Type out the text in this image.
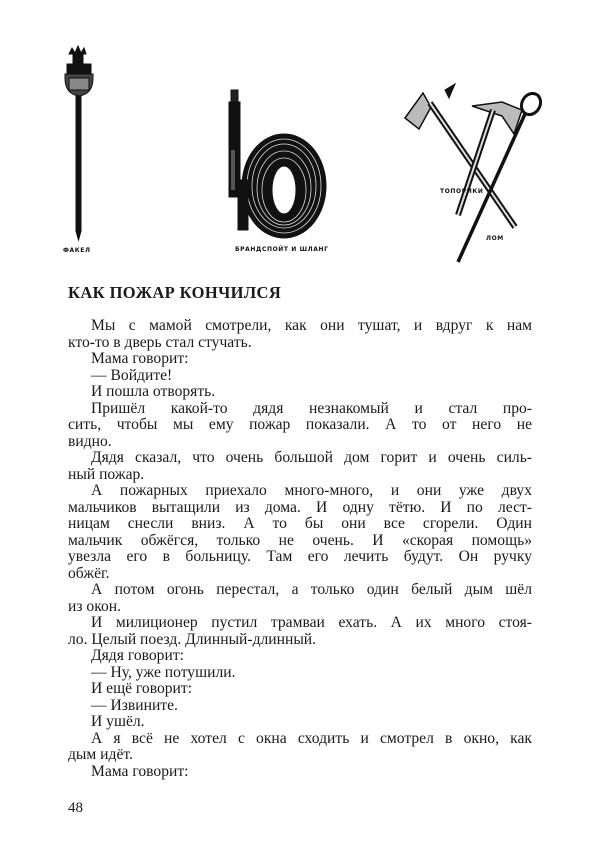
ФАКЕЛ	БРАНДСПОЙТ И ШЛАНГ
ТОПОРИКИ
ЛОМ
КАК ПОЖАР КОНЧИЛСЯ
Мы с мамой смотрели, как они тушат, и вдруг к нам
кто-то в дверь стал стучать.
Мама говорит:
— Войдите!
И пошла отворять.
Пришёл какой-то дядя незнакомый и стал про-
сить, чтобы мы ему пожар показали. А то от него не
видно.
Дядя сказал, что очень большой дом горит и очень силь-
ный пожар.
А пожарных приехало много-много, и они уже двух
мальчиков вытащили из дома. И одну тётю. И по лест-
ницам снесли вниз. А то бы они все сгорели. Один
мальчик обжёгся, только не очень. И «скорая помощь»
увезла его в больницу. Там его лечить будут. Он ручку
обжёг.
А потом огонь перестал, а только один белый дым шёл
из окон.
И милиционер пустил трамваи ехать. А их много стоя-
ло. Целый поезд. Длинный-длинный.
Дядя говорит:
— Ну, уже потушили.
И ещё говорит:
— Извините.
И ушёл.
А я всё не хотел с окна сходить и смотрел в окно, как
дым идёт.
Мама говорит:
48
